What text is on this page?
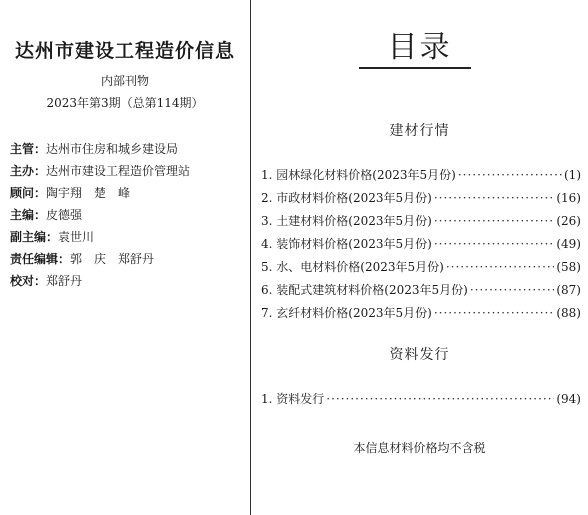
达州市建设工程造价信息
内部刊物
2023年第3期（总第114期）
主管：达州市住房和城乡建设局
主办：达州市建设工程造价管理站
顾问：陶宇翔　楚　峰
主编：皮德强
副主编：袁世川
责任编辑：郭　庆　郑舒丹
校对：郑舒丹
目录
建材行情
1. 园林绿化材料价格(2023年5月份) ·····	(1)
2. 市政材料价格(2023年5月份) ·····	(16)
3. 土建材料价格(2023年5月份) ·····	(26)
4. 装饰材料价格(2023年5月份) ·····	(49)
5. 水、电材料价格(2023年5月份) ·····	(58)
6. 装配式建筑材料价格(2023年5月份) ·····	(87)
7. 玄纤材料价格(2023年5月份) ·····	(88)
资料发行
1. 资料发行 ·····	(94)
本信息材料价格均不含税
